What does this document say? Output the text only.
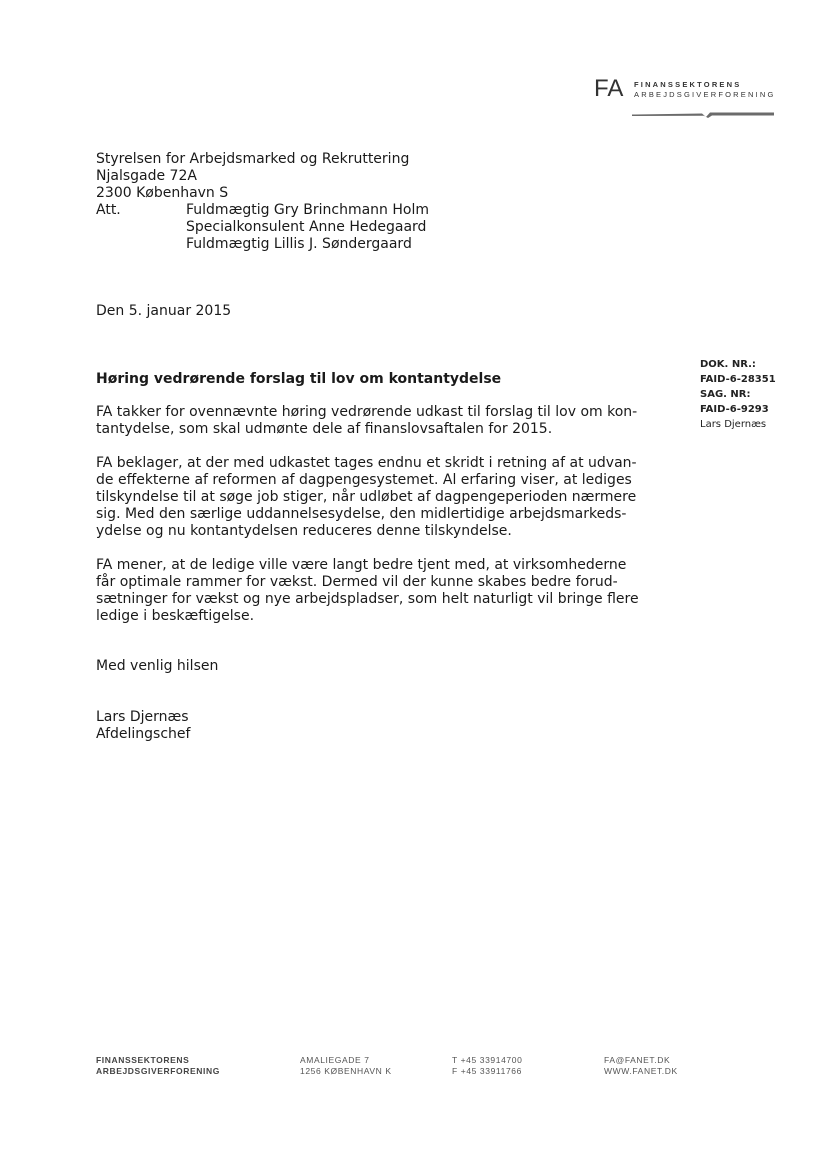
FA FINANSSEKTORENS
ARBEJDSGIVERFORENING
Styrelsen for Arbejdsmarked og Rekruttering
Njalsgade 72A
2300 København S
Att.	Fuldmægtig Gry Brinchmann Holm
Specialkonsulent Anne Hedegaard
Fuldmægtig Lillis J. Søndergaard
Den 5. januar 2015
DOK. NR.:
FAID-6-28351
SAG. NR:
FAID-6-9293
Lars Djernæs
Høring vedrørende forslag til lov om kontantydelse
FA takker for ovennævnte høring vedrørende udkast til forslag til lov om kon-
tantydelse, som skal udmønte dele af finanslovsaftalen for 2015.
FA beklager, at der med udkastet tages endnu et skridt i retning af at udvan-
de effekterne af reformen af dagpengesystemet. Al erfaring viser, at lediges
tilskyndelse til at søge job stiger, når udløbet af dagpengeperioden nærmere
sig. Med den særlige uddannelsesydelse, den midlertidige arbejdsmarkeds-
ydelse og nu kontantydelsen reduceres denne tilskyndelse.
FA mener, at de ledige ville være langt bedre tjent med, at virksomhederne
får optimale rammer for vækst. Dermed vil der kunne skabes bedre forud-
sætninger for vækst og nye arbejdspladser, som helt naturligt vil bringe flere
ledige i beskæftigelse.
Med venlig hilsen
Lars Djernæs
Afdelingschef
FINANSSEKTORENS
ARBEJDSGIVERFORENING
AMALIEGADE 7
1256 KØBENHAVN K
T +45 33914700
F +45 33911766
FA@FANET.DK
WWW.FANET.DK
